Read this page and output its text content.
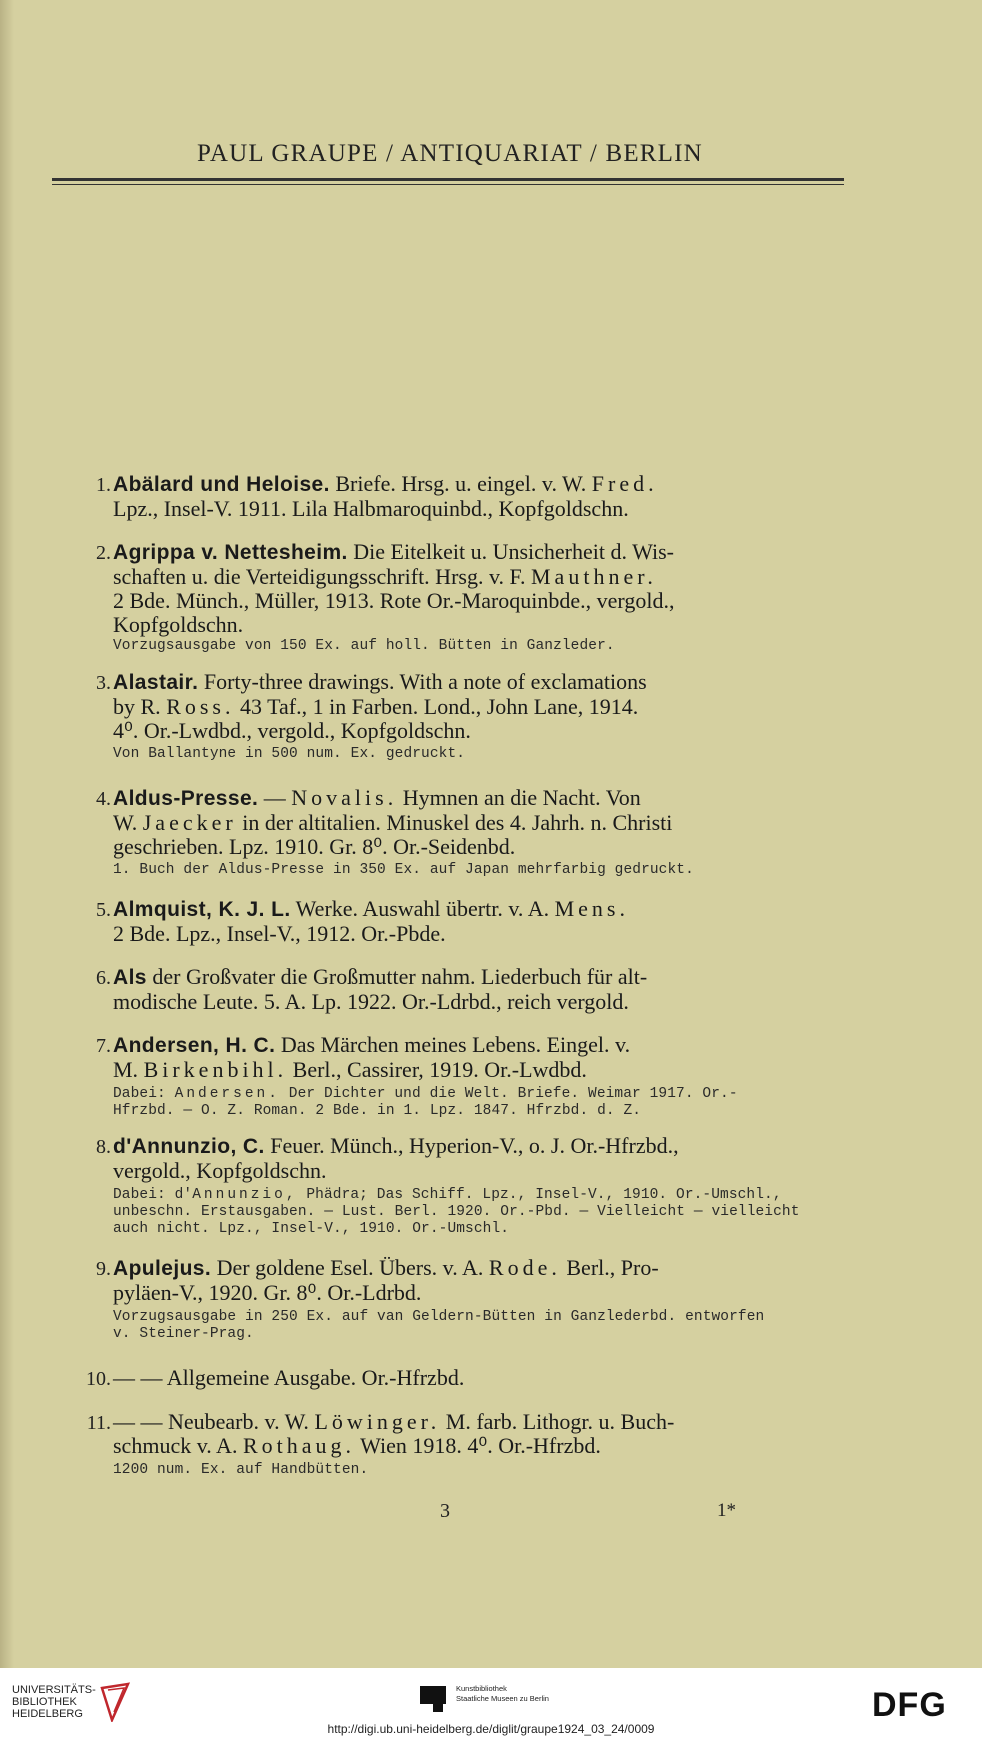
PAUL GRAUPE / ANTIQUARIAT / BERLIN
1. Abälard und Heloise. Briefe. Hrsg. u. eingel. v. W. Fred.
Lpz., Insel-V. 1911. Lila Halbmaroquinbd., Kopfgoldschn.
2. Agrippa v. Nettesheim. Die Eitelkeit u. Unsicherheit d. Wis-
schaften u. die Verteidigungsschrift. Hrsg. v. F. Mauthner.
2 Bde. Münch., Müller, 1913. Rote Or.-Maroquinbde., vergold.,
Kopfgoldschn.
Vorzugsausgabe von 150 Ex. auf holl. Bütten in Ganzleder.
3. Alastair. Forty-three drawings. With a note of exclamations
by R. Ross. 43 Taf., 1 in Farben. Lond., John Lane, 1914.
4⁰. Or.-Lwdbd., vergold., Kopfgoldschn.
Von Ballantyne in 500 num. Ex. gedruckt.
4. Aldus-Presse. — Novalis. Hymnen an die Nacht. Von
W. Jaecker in der altitalien. Minuskel des 4. Jahrh. n. Christi
geschrieben. Lpz. 1910. Gr. 8⁰. Or.-Seidenbd.
1. Buch der Aldus-Presse in 350 Ex. auf Japan mehrfarbig gedruckt.
5. Almquist, K. J. L. Werke. Auswahl übertr. v. A. Mens.
2 Bde. Lpz., Insel-V., 1912. Or.-Pbde.
6. Als der Großvater die Großmutter nahm. Liederbuch für alt-
modische Leute. 5. A. Lp. 1922. Or.-Ldrbd., reich vergold.
7. Andersen, H. C. Das Märchen meines Lebens. Eingel. v.
M. Birkenbihl. Berl., Cassirer, 1919. Or.-Lwdbd.
Dabei: Andersen. Der Dichter und die Welt. Briefe. Weimar 1917. Or.-
Hfrzbd. — O. Z. Roman. 2 Bde. in 1. Lpz. 1847. Hfrzbd. d. Z.
8. d'Annunzio, C. Feuer. Münch., Hyperion-V., o. J. Or.-Hfrzbd.,
vergold., Kopfgoldschn.
Dabei: d'Annunzio, Phädra; Das Schiff. Lpz., Insel-V., 1910. Or.-Umschl.,
unbeschn. Erstausgaben. — Lust. Berl. 1920. Or.-Pbd. — Vielleicht — vielleicht
auch nicht. Lpz., Insel-V., 1910. Or.-Umschl.
9. Apulejus. Der goldene Esel. Übers. v. A. Rode. Berl., Pro-
pyläen-V., 1920. Gr. 8⁰. Or.-Ldrbd.
Vorzugsausgabe in 250 Ex. auf van Geldern-Bütten in Ganzlederbd. entworfen
v. Steiner-Prag.
10. — — Allgemeine Ausgabe. Or.-Hfrzbd.
11. — — Neubearb. v. W. Löwinger. M. farb. Lithogr. u. Buch-
schmuck v. A. Rothaug. Wien 1918. 4⁰. Or.-Hfrzbd.
1200 num. Ex. auf Handbütten.
3	1*
UNIVERSITÄTS-
BIBLIOTHEK
HEIDELBERG
Kunstbibliothek
Staatliche Museen zu Berlin	DFG
http://digi.ub.uni-heidelberg.de/diglit/graupe1924_03_24/0009
